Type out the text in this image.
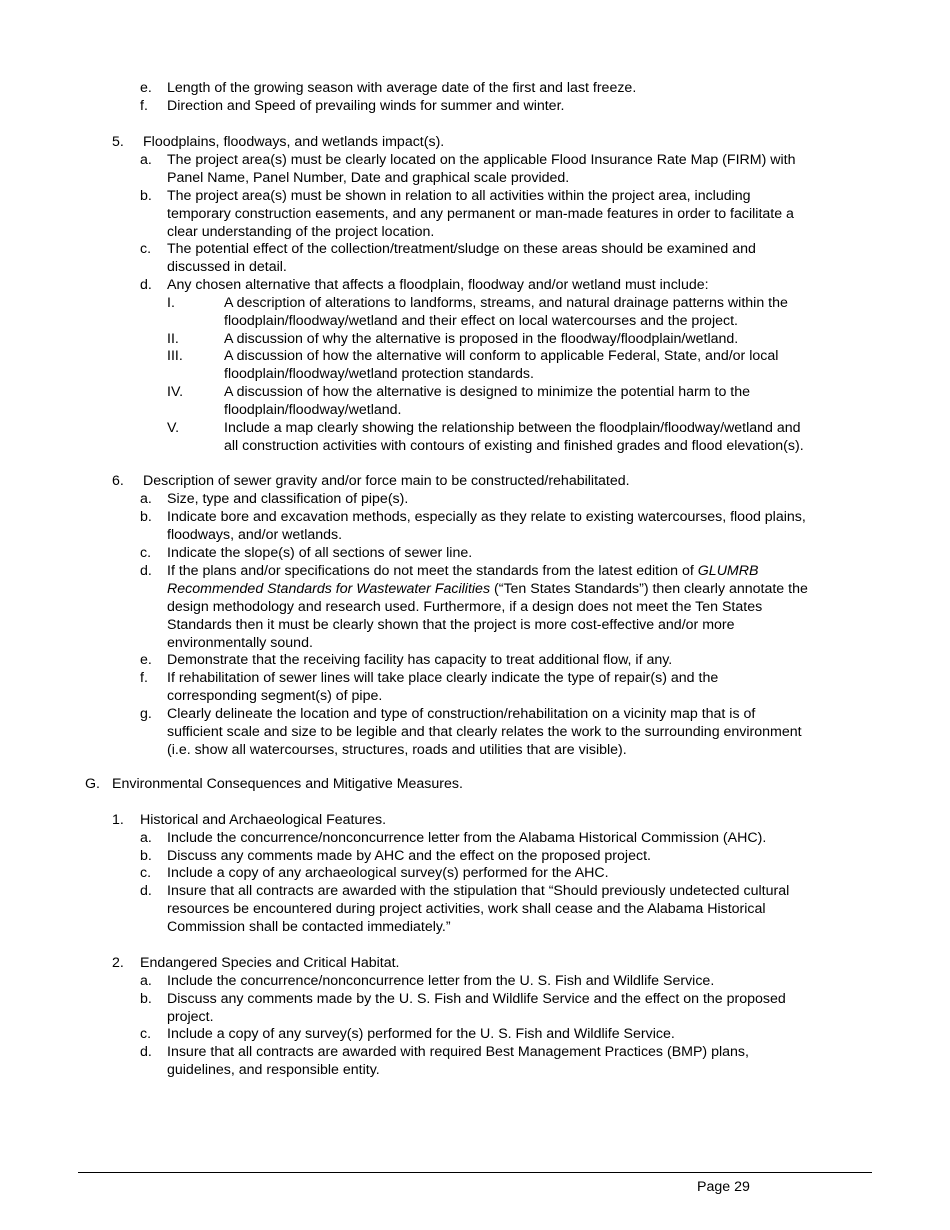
e. Length of the growing season with average date of the first and last freeze.
f. Direction and Speed of prevailing winds for summer and winter.
5. Floodplains, floodways, and wetlands impact(s).
a. The project area(s) must be clearly located on the applicable Flood Insurance Rate Map (FIRM) with
Panel Name, Panel Number, Date and graphical scale provided.
b. The project area(s) must be shown in relation to all activities within the project area, including
temporary construction easements, and any permanent or man-made features in order to facilitate a
clear understanding of the project location.
c. The potential effect of the collection/treatment/sludge on these areas should be examined and
discussed in detail.
d. Any chosen alternative that affects a floodplain, floodway and/or wetland must include:
I.	A description of alterations to landforms, streams, and natural drainage patterns within the
floodplain/floodway/wetland and their effect on local watercourses and the project.
II.	A discussion of why the alternative is proposed in the floodway/floodplain/wetland.
III.	A discussion of how the alternative will conform to applicable Federal, State, and/or local
floodplain/floodway/wetland protection standards.
IV.	A discussion of how the alternative is designed to minimize the potential harm to the
floodplain/floodway/wetland.
V.	Include a map clearly showing the relationship between the floodplain/floodway/wetland and
all construction activities with contours of existing and finished grades and flood elevation(s).
6. Description of sewer gravity and/or force main to be constructed/rehabilitated.
a. Size, type and classification of pipe(s).
b. Indicate bore and excavation methods, especially as they relate to existing watercourses, flood plains,
floodways, and/or wetlands.
c. Indicate the slope(s) of all sections of sewer line.
d. If the plans and/or specifications do not meet the standards from the latest edition of GLUMRB
Recommended Standards for Wastewater Facilities (“Ten States Standards”) then clearly annotate the
design methodology and research used. Furthermore, if a design does not meet the Ten States
Standards then it must be clearly shown that the project is more cost-effective and/or more
environmentally sound.
e. Demonstrate that the receiving facility has capacity to treat additional flow, if any.
f. If rehabilitation of sewer lines will take place clearly indicate the type of repair(s) and the
corresponding segment(s) of pipe.
g. Clearly delineate the location and type of construction/rehabilitation on a vicinity map that is of
sufficient scale and size to be legible and that clearly relates the work to the surrounding environment
(i.e. show all watercourses, structures, roads and utilities that are visible).
G. Environmental Consequences and Mitigative Measures.
1. Historical and Archaeological Features.
a. Include the concurrence/nonconcurrence letter from the Alabama Historical Commission (AHC).
b. Discuss any comments made by AHC and the effect on the proposed project.
c. Include a copy of any archaeological survey(s) performed for the AHC.
d. Insure that all contracts are awarded with the stipulation that “Should previously undetected cultural
resources be encountered during project activities, work shall cease and the Alabama Historical
Commission shall be contacted immediately.”
2. Endangered Species and Critical Habitat.
a. Include the concurrence/nonconcurrence letter from the U. S. Fish and Wildlife Service.
b. Discuss any comments made by the U. S. Fish and Wildlife Service and the effect on the proposed
project.
c. Include a copy of any survey(s) performed for the U. S. Fish and Wildlife Service.
d. Insure that all contracts are awarded with required Best Management Practices (BMP) plans,
guidelines, and responsible entity.
Page 29
